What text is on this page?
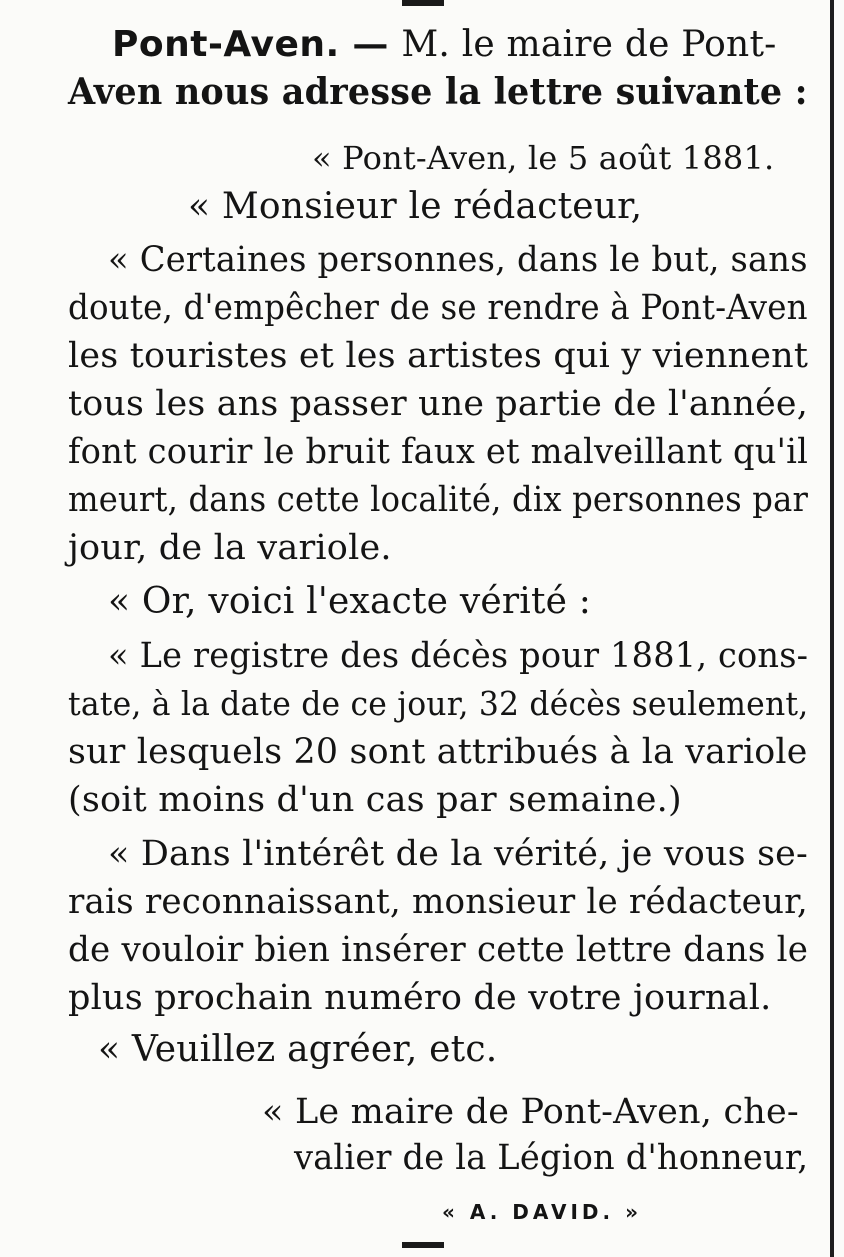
Pont-Aven. — M. le maire de Pont-
Aven nous adresse la lettre suivante :
« Pont-Aven, le 5 août 1881.
« Monsieur le rédacteur,
« Certaines personnes, dans le but, sans
doute, d'empêcher de se rendre à Pont-Aven
les touristes et les artistes qui y viennent
tous les ans passer une partie de l'année,
font courir le bruit faux et malveillant qu'il
meurt, dans cette localité, dix personnes par
jour, de la variole.
« Or, voici l'exacte vérité :
« Le registre des décès pour 1881, cons-
tate, à la date de ce jour, 32 décès seulement,
sur lesquels 20 sont attribués à la variole
(soit moins d'un cas par semaine.)
« Dans l'intérêt de la vérité, je vous se-
rais reconnaissant, monsieur le rédacteur,
de vouloir bien insérer cette lettre dans le
plus prochain numéro de votre journal.
« Veuillez agréer, etc.
« Le maire de Pont-Aven, che-
valier de la Légion d'honneur,
« A. DAVID. »
